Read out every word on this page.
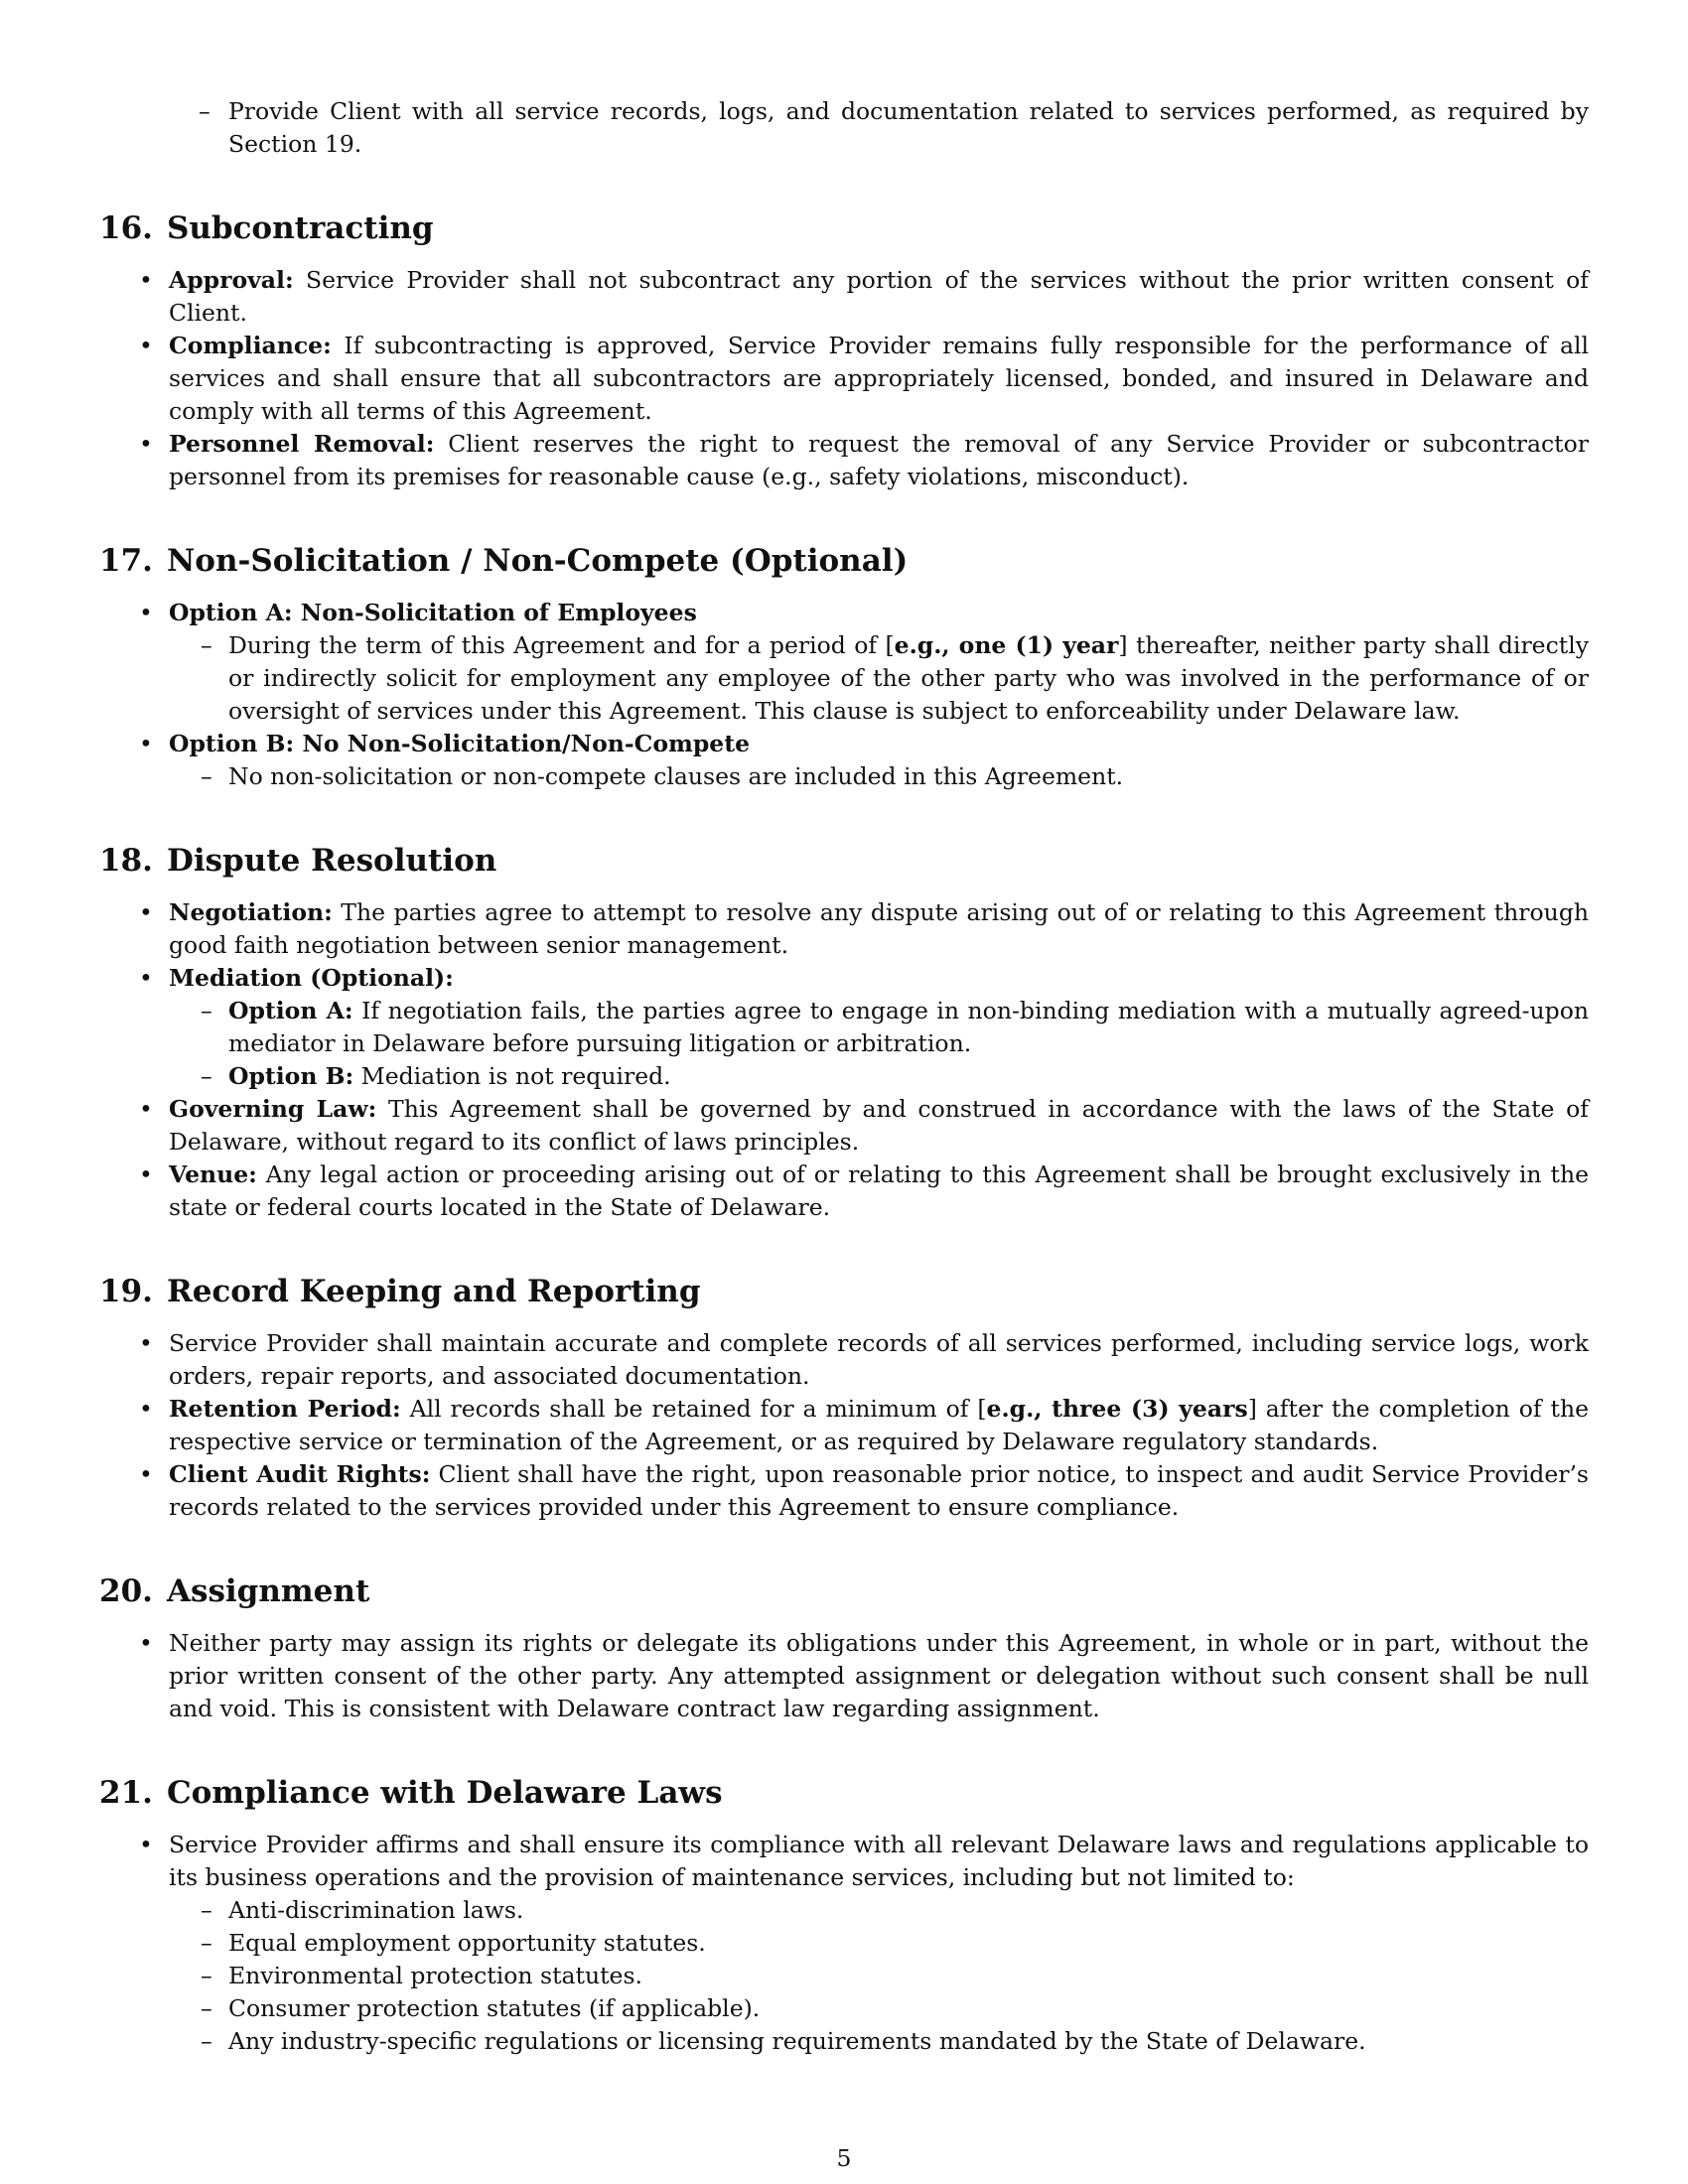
– Provide Client with all service records, logs, and documentation related to services performed, as required by Section 19.
16. Subcontracting
• Approval: Service Provider shall not subcontract any portion of the services without the prior written consent of Client.
• Compliance: If subcontracting is approved, Service Provider remains fully responsible for the performance of all services and shall ensure that all subcontractors are appropriately licensed, bonded, and insured in Delaware and comply with all terms of this Agreement.
• Personnel Removal: Client reserves the right to request the removal of any Service Provider or subcontractor personnel from its premises for reasonable cause (e.g., safety violations, misconduct).
17. Non-Solicitation / Non-Compete (Optional)
• Option A: Non-Solicitation of Employees
– During the term of this Agreement and for a period of [e.g., one (1) year] thereafter, neither party shall directly or indirectly solicit for employment any employee of the other party who was involved in the performance of or oversight of services under this Agreement. This clause is subject to enforceability under Delaware law.
• Option B: No Non-Solicitation/Non-Compete
– No non-solicitation or non-compete clauses are included in this Agreement.
18. Dispute Resolution
• Negotiation: The parties agree to attempt to resolve any dispute arising out of or relating to this Agreement through good faith negotiation between senior management.
• Mediation (Optional):
– Option A: If negotiation fails, the parties agree to engage in non-binding mediation with a mutually agreed-upon mediator in Delaware before pursuing litigation or arbitration.
– Option B: Mediation is not required.
• Governing Law: This Agreement shall be governed by and construed in accordance with the laws of the State of Delaware, without regard to its conflict of laws principles.
• Venue: Any legal action or proceeding arising out of or relating to this Agreement shall be brought exclusively in the state or federal courts located in the State of Delaware.
19. Record Keeping and Reporting
• Service Provider shall maintain accurate and complete records of all services performed, including service logs, work orders, repair reports, and associated documentation.
• Retention Period: All records shall be retained for a minimum of [e.g., three (3) years] after the completion of the respective service or termination of the Agreement, or as required by Delaware regulatory standards.
• Client Audit Rights: Client shall have the right, upon reasonable prior notice, to inspect and audit Service Provider’s records related to the services provided under this Agreement to ensure compliance.
20. Assignment
• Neither party may assign its rights or delegate its obligations under this Agreement, in whole or in part, without the prior written consent of the other party. Any attempted assignment or delegation without such consent shall be null and void. This is consistent with Delaware contract law regarding assignment.
21. Compliance with Delaware Laws
• Service Provider affirms and shall ensure its compliance with all relevant Delaware laws and regulations applicable to its business operations and the provision of maintenance services, including but not limited to:
– Anti-discrimination laws.
– Equal employment opportunity statutes.
– Environmental protection statutes.
– Consumer protection statutes (if applicable).
– Any industry-specific regulations or licensing requirements mandated by the State of Delaware.
5
